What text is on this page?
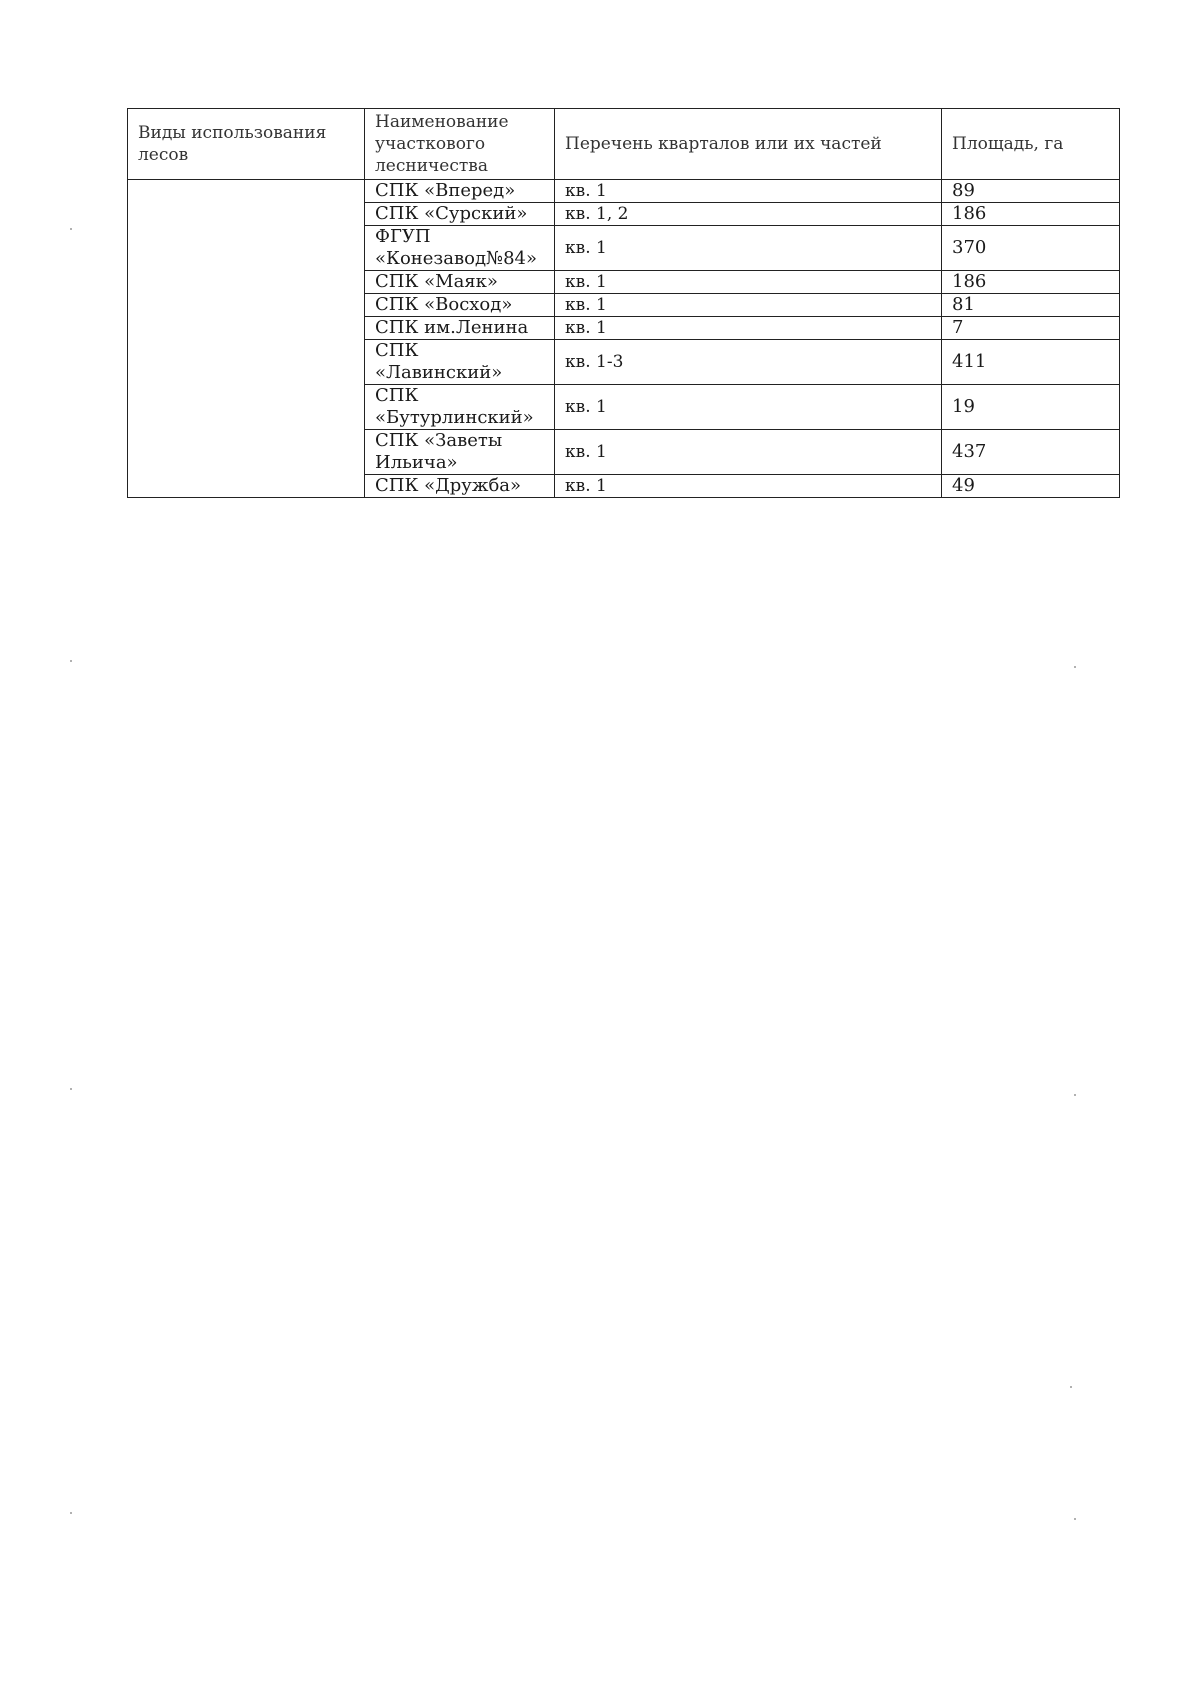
Виды использования лесов	Наименование участкового лесничества	Перечень кварталов или их частей	Площадь, га
	СПК «Вперед»	кв. 1	89
	СПК «Сурский»	кв. 1, 2	186
	ФГУП «Конезавод№84»	кв. 1	370
	СПК «Маяк»	кв. 1	186
	СПК «Восход»	кв. 1	81
	СПК им.Ленина	кв. 1	7
	СПК «Лавинский»	кв. 1-3	411
	СПК «Бутурлинский»	кв. 1	19
	СПК «Заветы Ильича»	кв. 1	437
	СПК «Дружба»	кв. 1	49
